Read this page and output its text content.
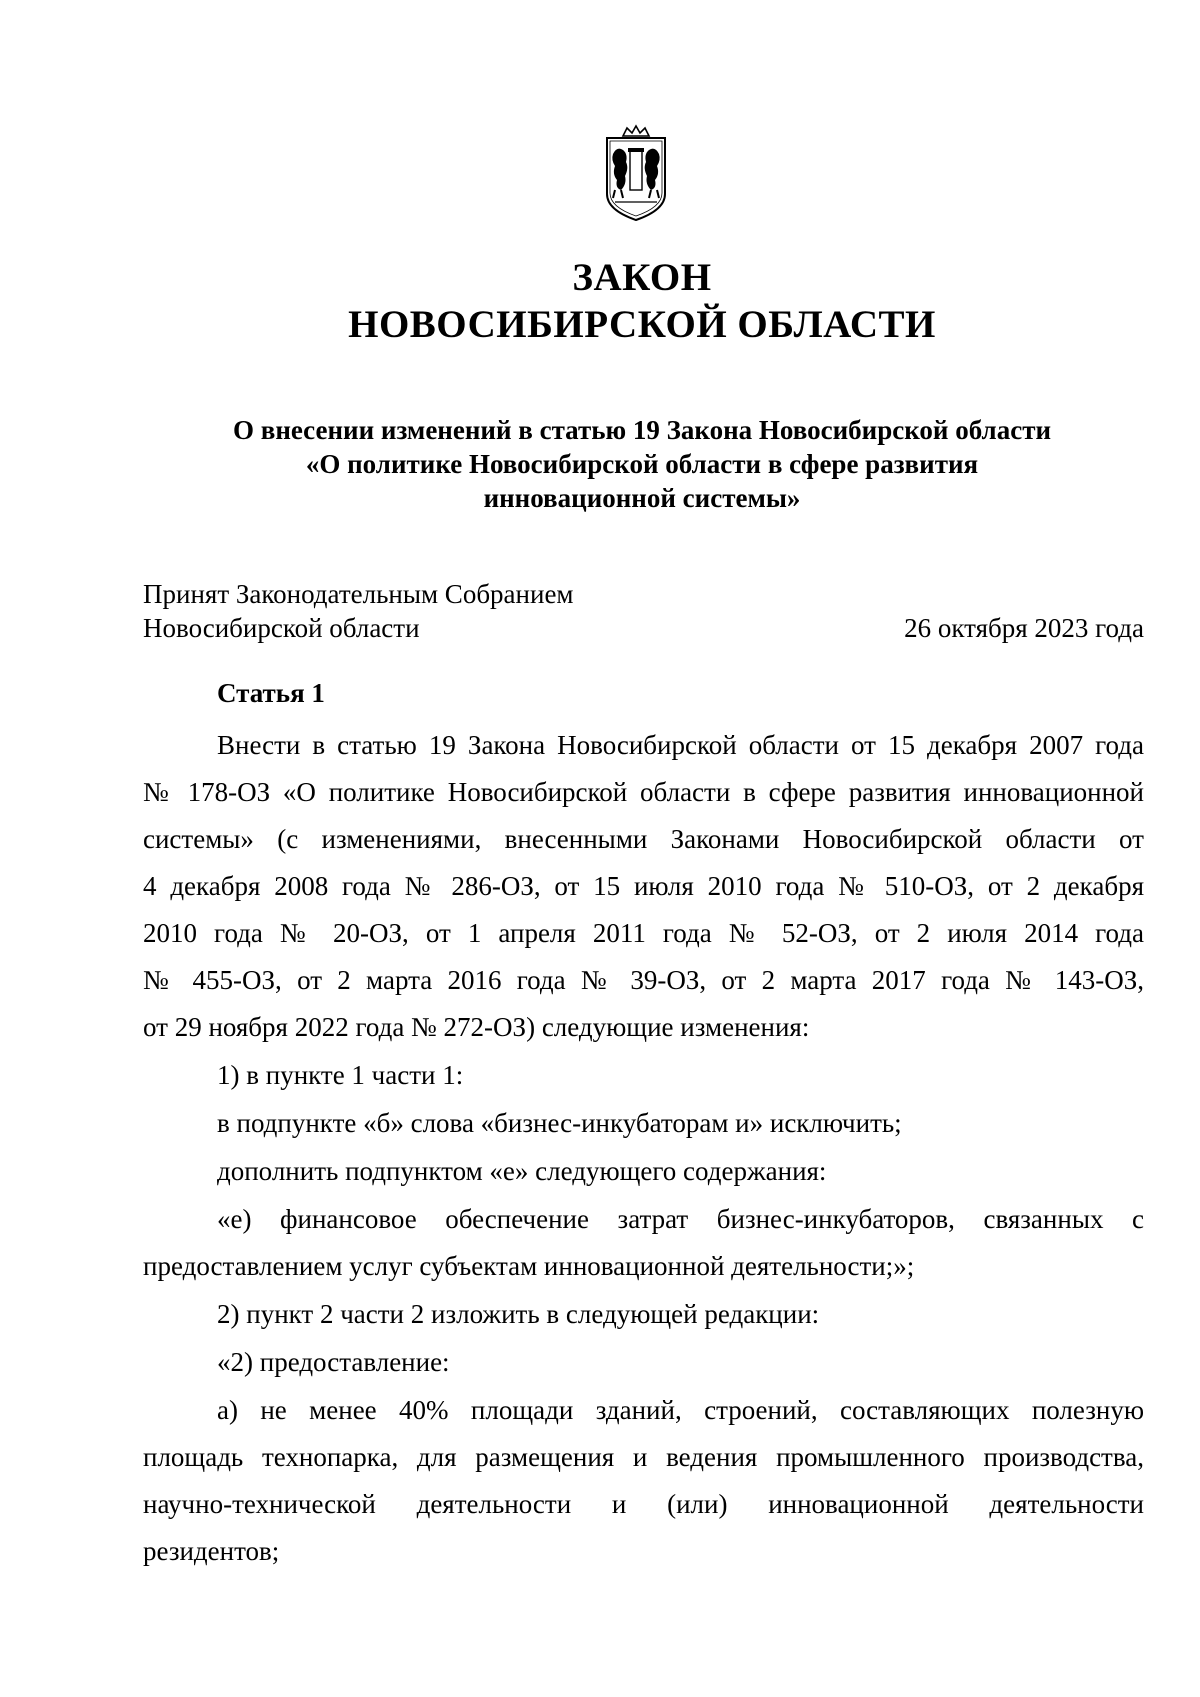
ЗАКОН
НОВОСИБИРСКОЙ ОБЛАСТИ
О внесении изменений в статью 19 Закона Новосибирской области
«О политике Новосибирской области в сфере развития
инновационной системы»
Принят Законодательным Собранием
Новосибирской области	26 октября 2023 года
Статья 1
Внести в статью 19 Закона Новосибирской области от 15 декабря 2007 года
№ 178-ОЗ «О политике Новосибирской области в сфере развития инновационной
системы» (с изменениями, внесенными Законами Новосибирской области от
4 декабря 2008 года № 286-ОЗ, от 15 июля 2010 года № 510-ОЗ, от 2 декабря
2010 года № 20-ОЗ, от 1 апреля 2011 года № 52-ОЗ, от 2 июля 2014 года
№ 455-ОЗ, от 2 марта 2016 года № 39-ОЗ, от 2 марта 2017 года № 143-ОЗ,
от 29 ноября 2022 года № 272-ОЗ) следующие изменения:
1) в пункте 1 части 1:
в подпункте «б» слова «бизнес-инкубаторам и» исключить;
дополнить подпунктом «е» следующего содержания:
«е) финансовое обеспечение затрат бизнес-инкубаторов, связанных с
предоставлением услуг субъектам инновационной деятельности;»;
2) пункт 2 части 2 изложить в следующей редакции:
«2) предоставление:
а) не менее 40% площади зданий, строений, составляющих полезную
площадь технопарка, для размещения и ведения промышленного производства,
научно-технической деятельности и (или) инновационной деятельности
резидентов;
